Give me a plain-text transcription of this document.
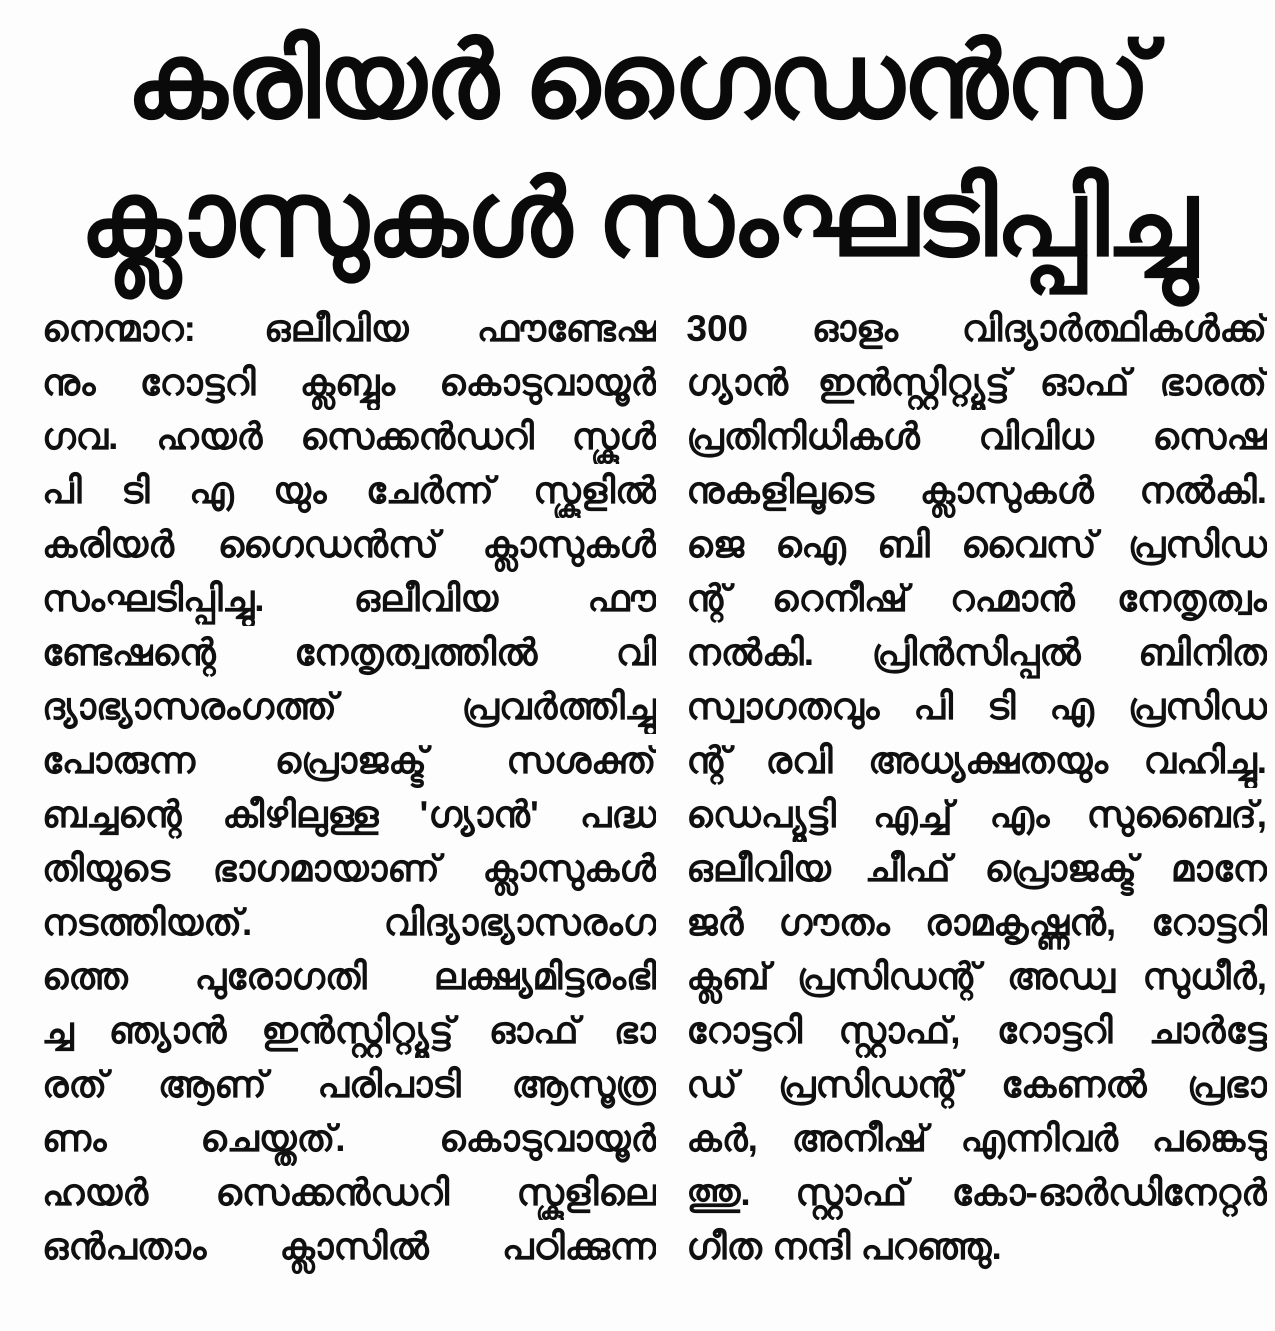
കരിയർ ഗൈഡൻസ്
ക്ലാസുകൾ സംഘടിപ്പിച്ചു
നെന്മാറ: ഒലീവിയ ഫൗണ്ടേഷ
നും റോട്ടറി ക്ലബ്ബും കൊടുവായൂർ
ഗവ. ഹയർ സെക്കൻഡറി സ്കൂൾ
പി ടി എ യും ചേർന്ന് സ്കൂളിൽ
കരിയർ ഗൈഡൻസ് ക്ലാസുകൾ
സംഘടിപ്പിച്ചു. ഒലീവിയ ഫൗ
ണ്ടേഷന്റെ നേതൃത്വത്തിൽ വി
ദ്യാഭ്യാസരംഗത്ത് പ്രവർത്തിച്ചു
പോരുന്ന പ്രൊജക്ട് സശക്ത്
ബച്ചന്റെ കീഴിലുള്ള 'ഗ്യാൻ' പദ്ധ
തിയുടെ ഭാഗമായാണ് ക്ലാസുകൾ
നടത്തിയത്. വിദ്യാഭ്യാസരംഗ
ത്തെ പുരോഗതി ലക്ഷ്യമിട്ടരംഭി
ച്ച ഞ്യാൻ ഇൻസ്റ്റിറ്റ്യൂട്ട് ഓഫ് ഭാ
രത് ആണ് പരിപാടി ആസൂത്ര
ണം ചെയ്തത്. കൊടുവായൂർ
ഹയർ സെക്കൻഡറി സ്കൂളിലെ
ഒൻപതാം ക്ലാസിൽ പഠിക്കുന്ന
300 ഓളം വിദ്യാർത്ഥികൾക്ക്
ഗ്യാൻ ഇൻസ്റ്റിറ്റ്യൂട്ട് ഓഫ് ഭാരത്
പ്രതിനിധികൾ വിവിധ സെഷ
നുകളിലൂടെ ക്ലാസുകൾ നൽകി.
ജെ ഐ ബി വൈസ് പ്രസിഡ
ന്റ് റെനീഷ് റഹ്മാൻ നേതൃത്വം
നൽകി. പ്രിൻസിപ്പൽ ബിനിത
സ്വാഗതവും പി ടി എ പ്രസിഡ
ന്റ് രവി അധ്യക്ഷതയും വഹിച്ചു.
ഡെപ്യൂട്ടി എച്ച് എം സുബൈദ്,
ഒലീവിയ ചീഫ് പ്രൊജക്ട് മാനേ
ജർ ഗൗതം രാമകൃഷ്ണൻ, റോട്ടറി
ക്ലബ് പ്രസിഡന്റ് അഡ്വ സുധീർ,
റോട്ടറി സ്റ്റാഫ്, റോട്ടറി ചാർട്ടേ
ഡ് പ്രസിഡന്റ് കേണൽ പ്രഭാ
കർ, അനീഷ് എന്നിവർ പങ്കെടു
ത്തു. സ്റ്റാഫ് കോ-ഓർഡിനേറ്റർ
ഗീത നന്ദി പറഞ്ഞു.
